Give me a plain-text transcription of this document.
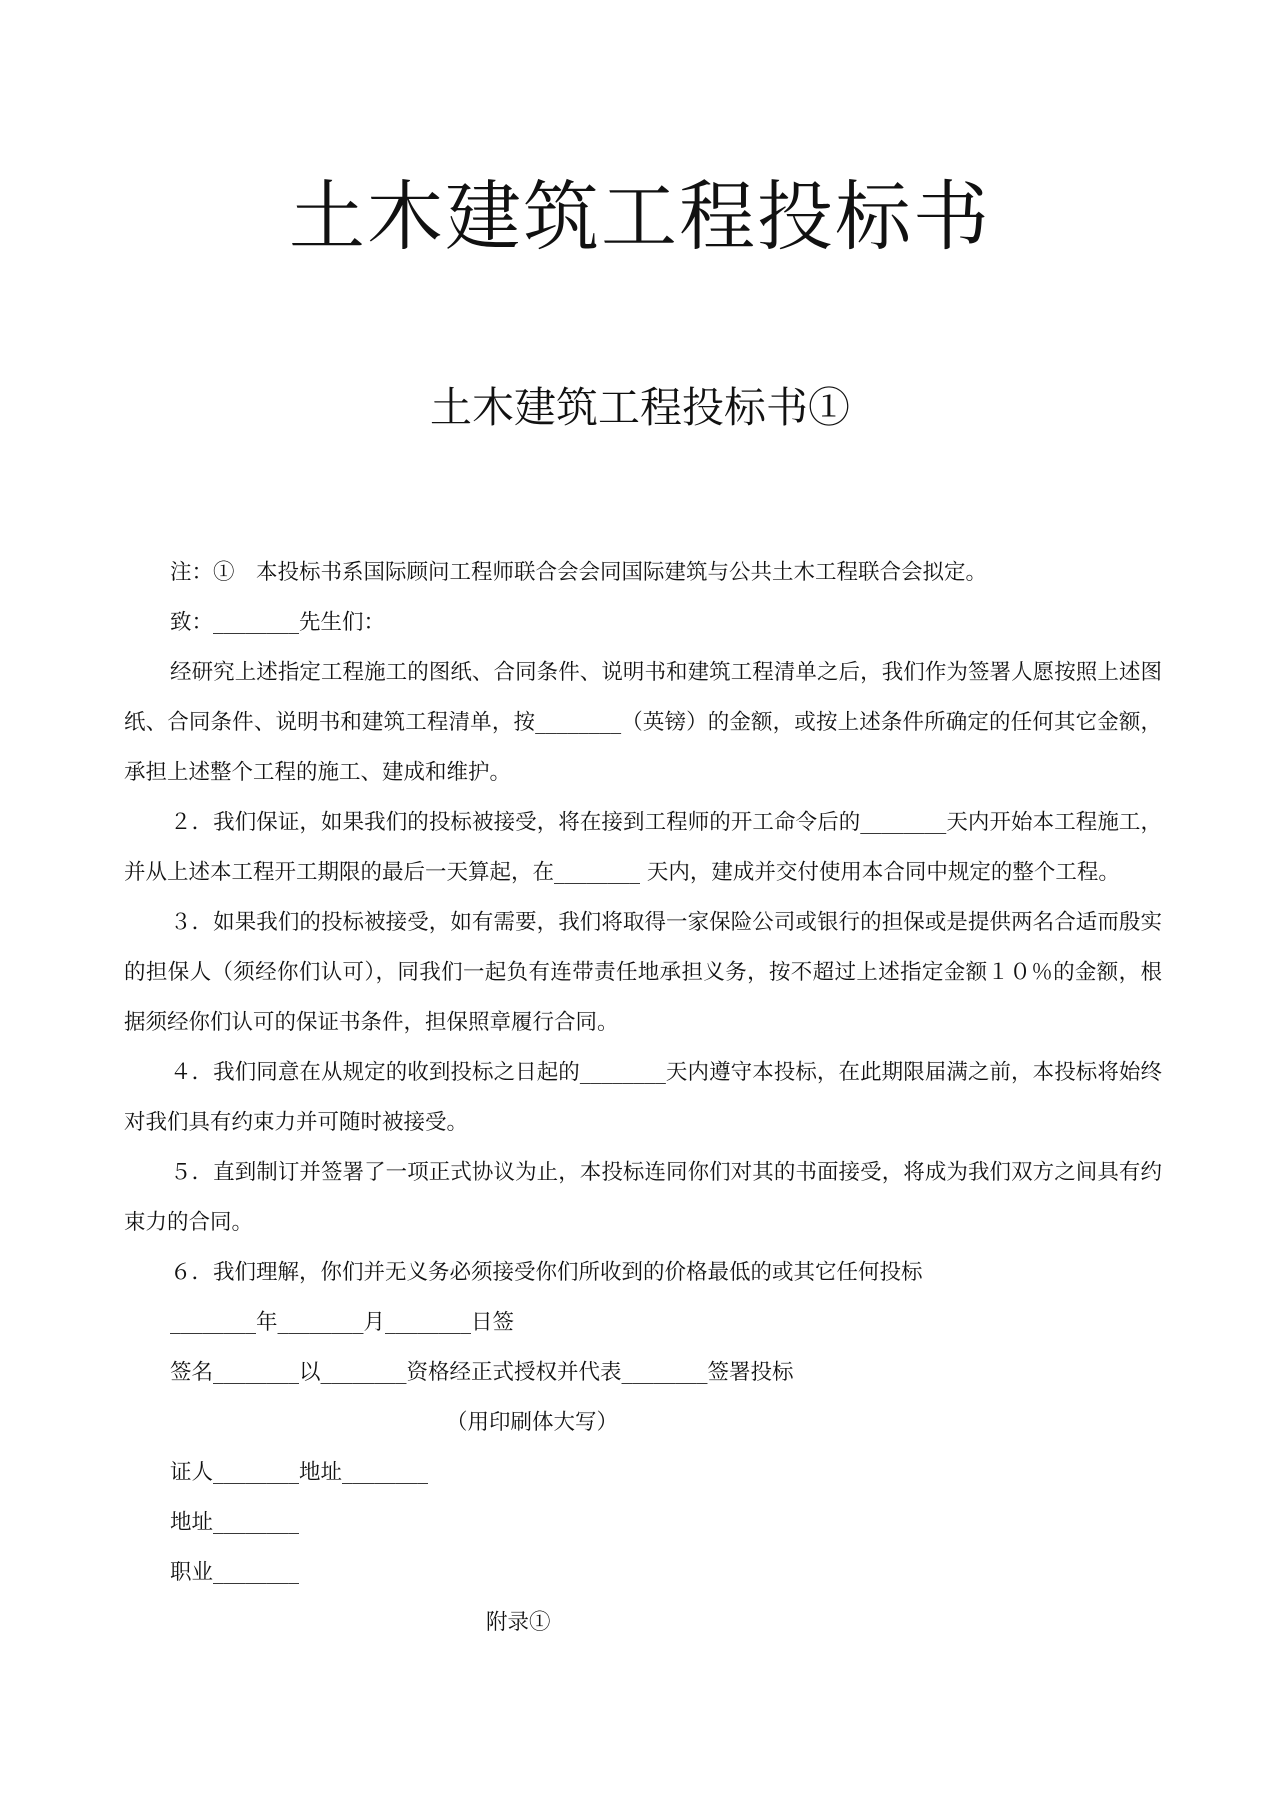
土木建筑工程投标书
土木建筑工程投标书①

注：①　本投标书系国际顾问工程师联合会会同国际建筑与公共土木工程联合会拟定。

致：________先生们：

经研究上述指定工程施工的图纸、合同条件、说明书和建筑工程清单之后，我们作为签署人愿按照上述图纸、合同条件、说明书和建筑工程清单，按________（英镑）的金额，或按上述条件所确定的任何其它金额，承担上述整个工程的施工、建成和维护。

２．我们保证，如果我们的投标被接受，将在接到工程师的开工命令后的________天内开始本工程施工，并从上述本工程开工期限的最后一天算起，在________ 天内，建成并交付使用本合同中规定的整个工程。

３．如果我们的投标被接受，如有需要，我们将取得一家保险公司或银行的担保或是提供两名合适而殷实的担保人（须经你们认可），同我们一起负有连带责任地承担义务，按不超过上述指定金额１０％的金额，根据须经你们认可的保证书条件，担保照章履行合同。

４．我们同意在从规定的收到投标之日起的________天内遵守本投标，在此期限届满之前，本投标将始终对我们具有约束力并可随时被接受。

５．直到制订并签署了一项正式协议为止，本投标连同你们对其的书面接受，将成为我们双方之间具有约束力的合同。

６．我们理解，你们并无义务必须接受你们所收到的价格最低的或其它任何投标

________年________月________日签

签名________以________资格经正式授权并代表________签署投标

（用印刷体大写）

证人________地址________

地址________

职业________

附录①
